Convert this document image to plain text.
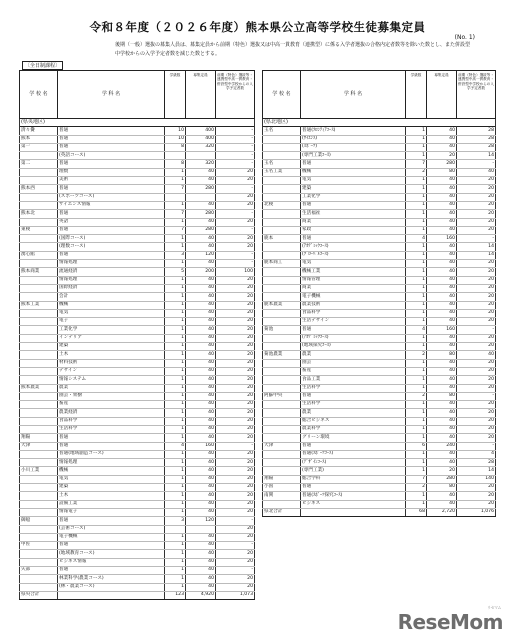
令和８年度（２０２６年度）熊本県公立高等学校生徒募集定員
(No. 1)
後期（一般）選抜の募集人員は、募集定員から前期（特色）選抜又は中高一貫教育（連携型）に係る入学者選抜の合格内定者数等を除いた数とし、また併設型中学校からの入学予定者数を減じた数とする。
〔全日制課程〕
学 校 名	学 科 名	学級数	募集定員	前期（特色）選抜等・連携型中高一貫教育・併設型中学校からの入学予定者数
(県央地区)				
済々黌	普通	10	400	-
熊本	普通	10	400	-
第一	普通	8	320	-
	(英語コース)			-
第二	普通	8	320	-
	理数	1	40	20
	美術	1	40	20
熊本西	普通	7	280	-
	(スポーツコース)			20
	サイエンス情報	1	40	20
熊本北	普通	7	280	-
	英語	1	40	20
東稜	普通	7	280	-
	(国際コース)	1	40	20
	(理数コース)	1	40	20
湧心館	普通	3	120	-
	情報処理	1	40	-
熊本商業	流通経済	5	200	100
	情報処理	1	40	20
	国際経済	1	40	20
	会計	1	40	20
熊本工業	機械	1	40	20
	電気	1	40	20
	電子	1	40	20
	工業化学	1	40	20
	インテリア	1	40	20
	建築	1	40	20
	土木	1	40	20
	材料技術	1	40	20
	デザイン	1	40	20
	情報システム	1	40	20
熊本農業	農業	1	40	20
	園芸・果樹	1	40	20
	畜産	1	40	20
	農業経済	1	40	20
	食品科学	1	40	20
	生活科学	1	40	20
翔陽	普通	1	40	20
大津	普通	4	160	-
	普通(地域創造コース)	1	40	20
	情報処理	1	40	20
小川工業	機械	1	40	20
	電気	1	40	20
	建築	1	40	20
	土木	1	40	20
	設備工業	1	40	20
	情報電子	1	40	20
御船	普通	3	120	-
	(芸術コース)			20
	電子機械	1	40	20
甲佐	普通	1	40	-
	(地域教育コース)	1	40	20
	ビジネス情報	1	40	20
矢部	普通	1	40	-
	林業科学(農業コース)	1	40	20
	(林・農業コース)	1	40	20
県央合計		123	4,920	1,073
学 校 名	学 科 名	学級数	募集定員	前期（特色）選抜等・連携型中高一貫教育・併設型中学校からの入学予定者数
(県北地区)				
玉名	普通(ﾌﾛﾝﾃｨｱｺｰｽ)	1	40	28
	(ｻｲｴﾝｽ)	1	40	28
	(ｽﾎﾟｰﾂ)	1	40	28
	(専門工業ｺｰｽ)	1	20	14
玉名	普通	7	280	-
玉名工業	機械	2	80	40
	電気	1	40	20
	建築	1	40	20
	工業化学	1	40	20
北稜	普通	1	40	20
	生活福祉	1	40	20
	商業	1	40	20
	家政	1	40	20
鹿本	普通	4	160	-
	(ｱｶﾃﾞﾐｯｸｺｰｽ)	1	40	14
	(ｸﾞﾛｰﾊﾞﾙｺｰｽ)	1	40	14
鹿本商工	電気	1	40	20
	機械工業	1	40	20
	情報管理	1	40	20
	商業	1	40	20
	電子機械	1	40	20
鹿本農業	農業技術	1	40	20
	食品科学	1	40	20
	生活デザイン	1	40	20
菊池	普通	4	160	-
	(ｱｶﾃﾞﾐｯｸｺｰｽ)	1	40	20
	(地域探究ｺｰｽ)	1	40	20
菊池農業	農業	2	80	40
	園芸	1	40	20
	畜産	1	40	20
	食品工業	1	40	20
	生活科学	1	40	20
阿蘇中央	普通	2	80	-
	生活科学	1	40	20
	農業	1	40	20
	総合ビジネス	1	40	20
	農業科学	1	40	20
	グリーン環境	1	40	20
大津	普通	6	240	-
	普通(ｽﾎﾟｰﾂｺｰｽ)	1	40	4
	(ﾃﾞｻﾞｲﾝｺｰｽ)	1	40	28
	(専門工業)	1	20	14
翔陽	総合学科	7	280	140
小国	普通	2	80	20
南関	普通(ｽﾎﾟｰﾂ探究ｺｰｽ)	1	40	20
	ビジネス	1	40	20
県北合計		68	2,720	1,076
リセマム
ReseMom
